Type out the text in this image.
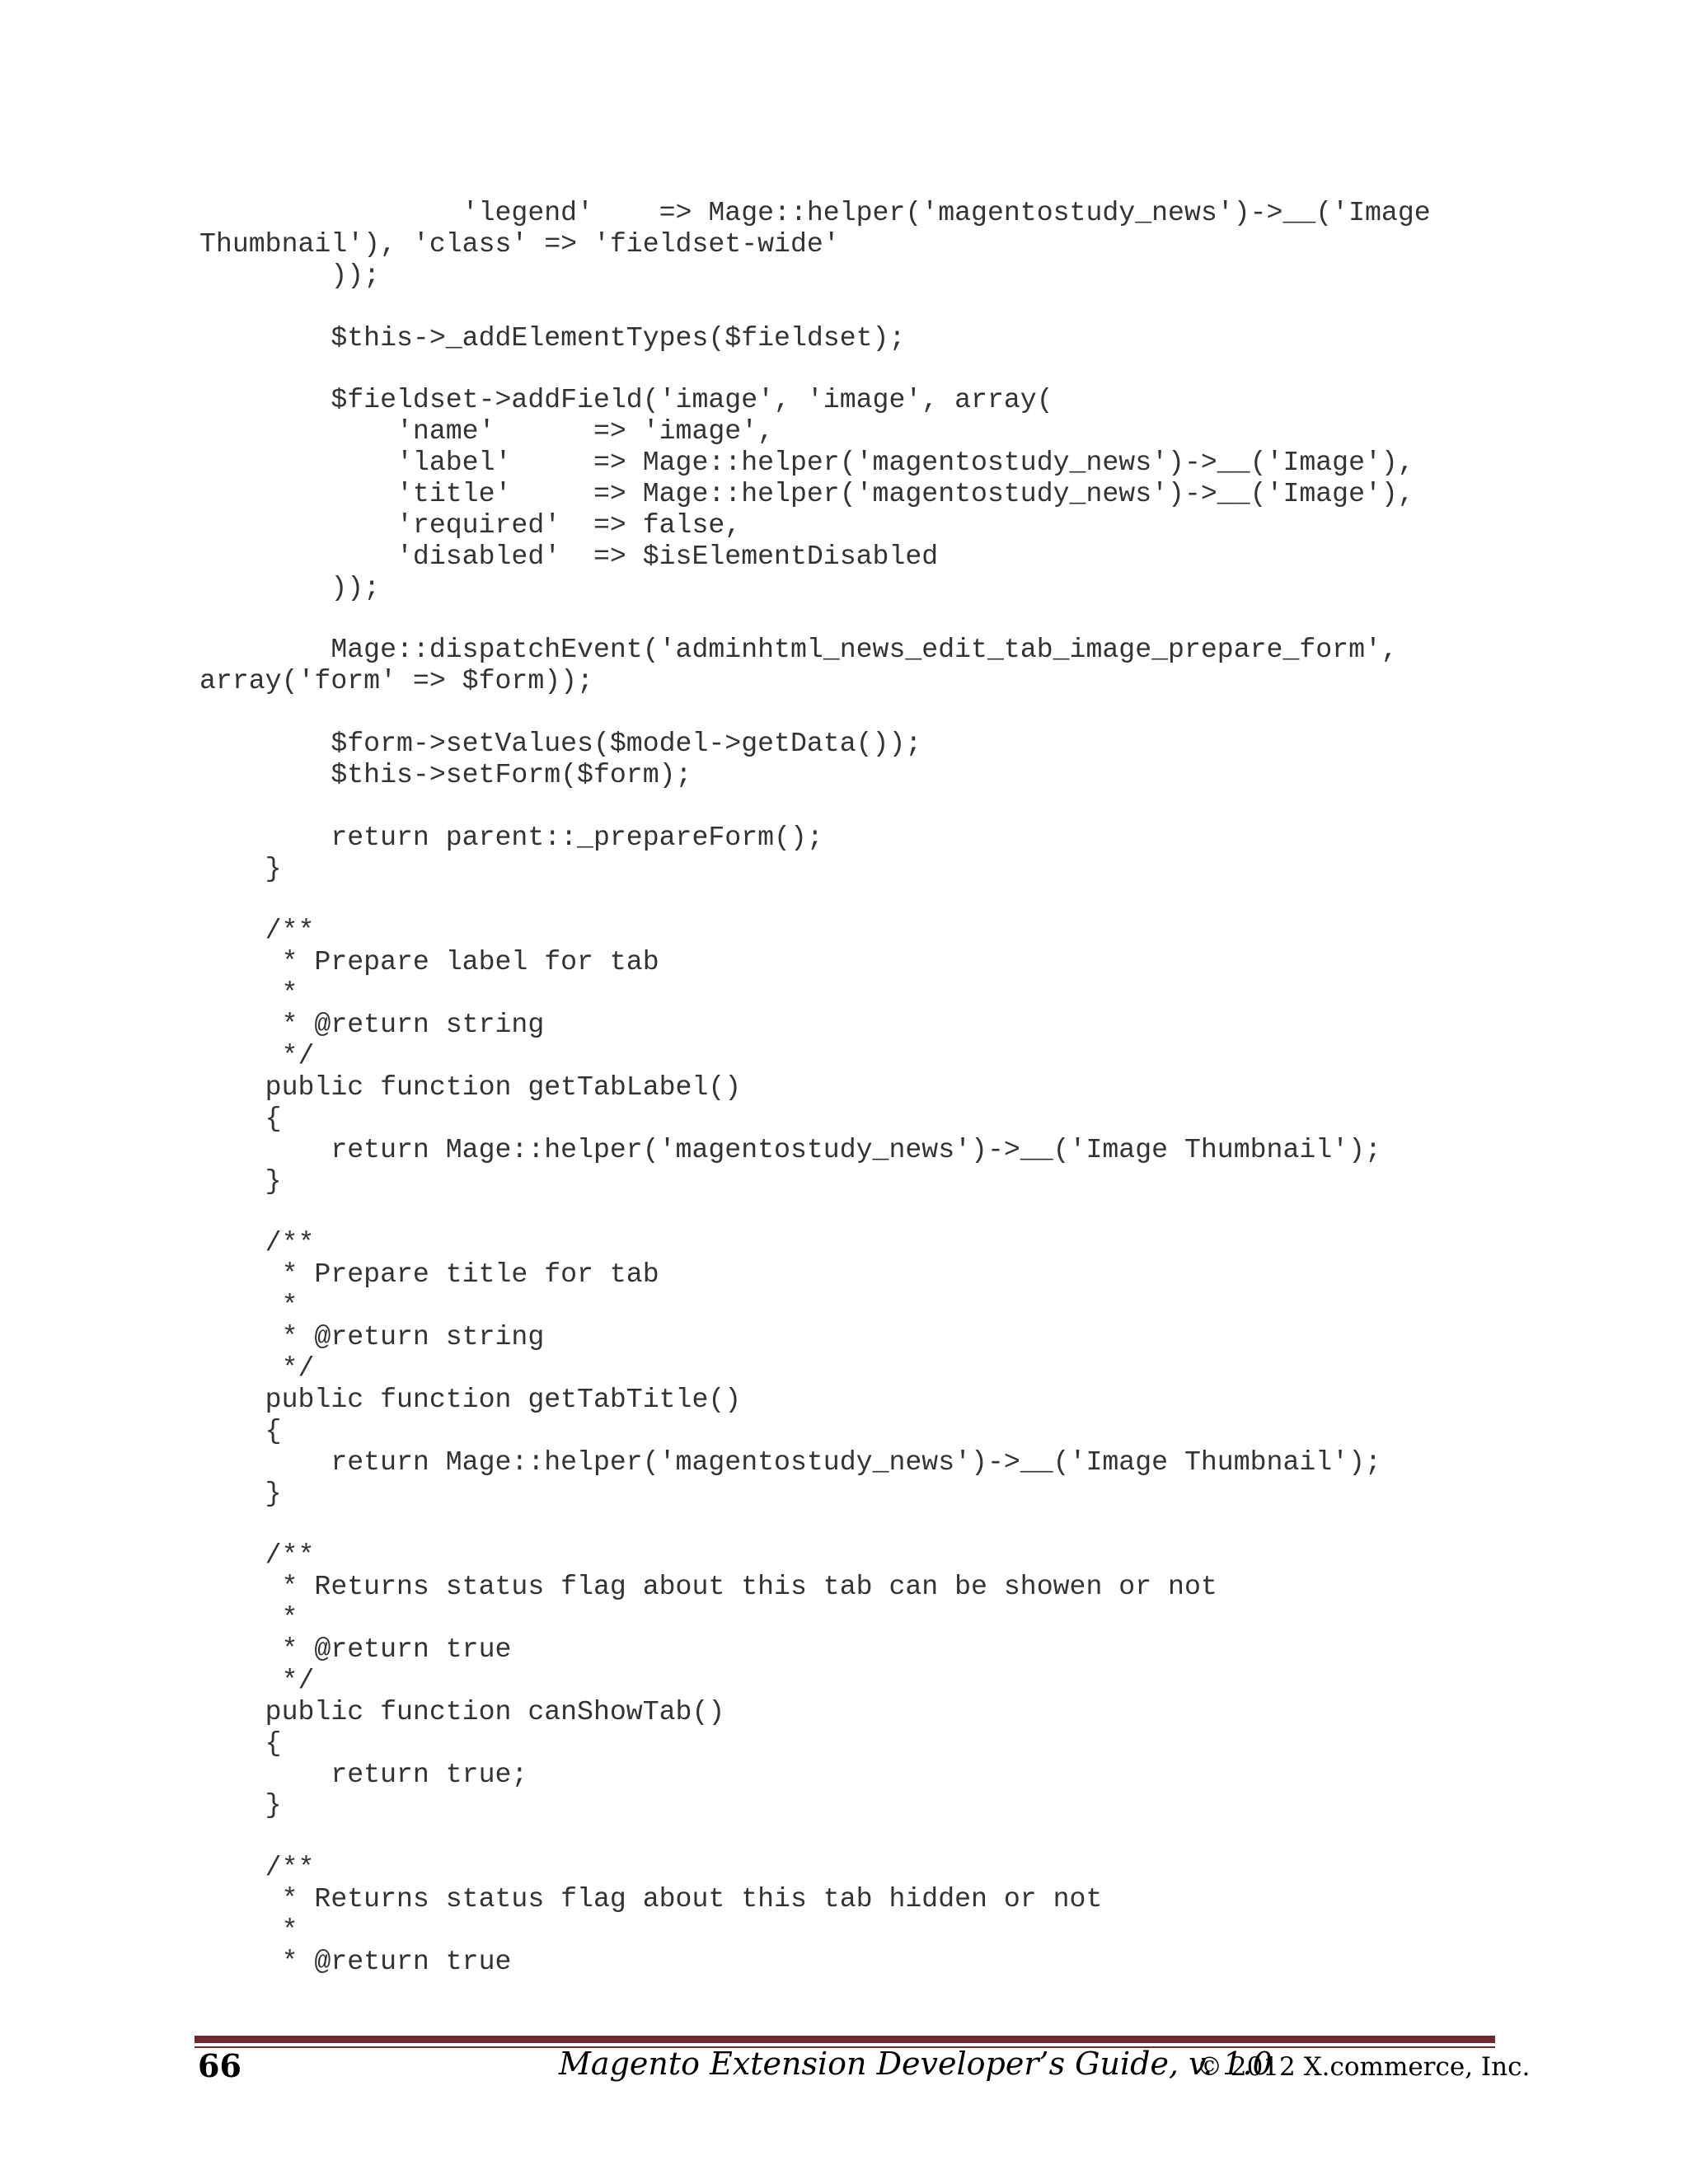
'legend'    => Mage::helper('magentostudy_news')->__('Image
Thumbnail'), 'class' => 'fieldset-wide'
));
$this->_addElementTypes($fieldset);
$fieldset->addField('image', 'image', array(
'name'      => 'image',
'label'     => Mage::helper('magentostudy_news')->__('Image'),
'title'     => Mage::helper('magentostudy_news')->__('Image'),
'required'  => false,
'disabled'  => $isElementDisabled
));
Mage::dispatchEvent('adminhtml_news_edit_tab_image_prepare_form',
array('form' => $form));
$form->setValues($model->getData());
$this->setForm($form);
return parent::_prepareForm();
}
/**
* Prepare label for tab
*
* @return string
*/
public function getTabLabel()
{
return Mage::helper('magentostudy_news')->__('Image Thumbnail');
}
/**
* Prepare title for tab
*
* @return string
*/
public function getTabTitle()
{
return Mage::helper('magentostudy_news')->__('Image Thumbnail');
}
/**
* Returns status flag about this tab can be showen or not
*
* @return true
*/
public function canShowTab()
{
return true;
}
/**
* Returns status flag about this tab hidden or not
*
* @return true
66	Magento Extension Developer’s Guide, v. 1.0
© 2012 X.commerce, Inc.
